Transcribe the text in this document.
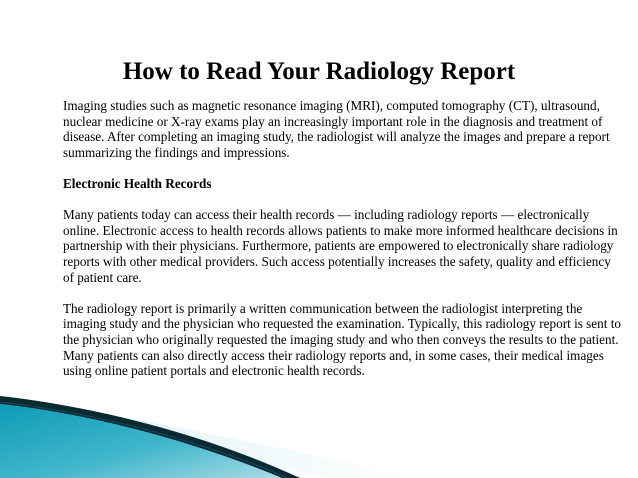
How to Read Your Radiology Report

Imaging studies such as magnetic resonance imaging (MRI), computed tomography (CT), ultrasound, nuclear medicine or X-ray exams play an increasingly important role in the diagnosis and treatment of disease. After completing an imaging study, the radiologist will analyze the images and prepare a report summarizing the findings and impressions.

Electronic Health Records

Many patients today can access their health records — including radiology reports — electronically online. Electronic access to health records allows patients to make more informed healthcare decisions in partnership with their physicians. Furthermore, patients are empowered to electronically share radiology reports with other medical providers. Such access potentially increases the safety, quality and efficiency of patient care.

The radiology report is primarily a written communication between the radiologist interpreting the imaging study and the physician who requested the examination. Typically, this radiology report is sent to the physician who originally requested the imaging study and who then conveys the results to the patient. Many patients can also directly access their radiology reports and, in some cases, their medical images using online patient portals and electronic health records.
